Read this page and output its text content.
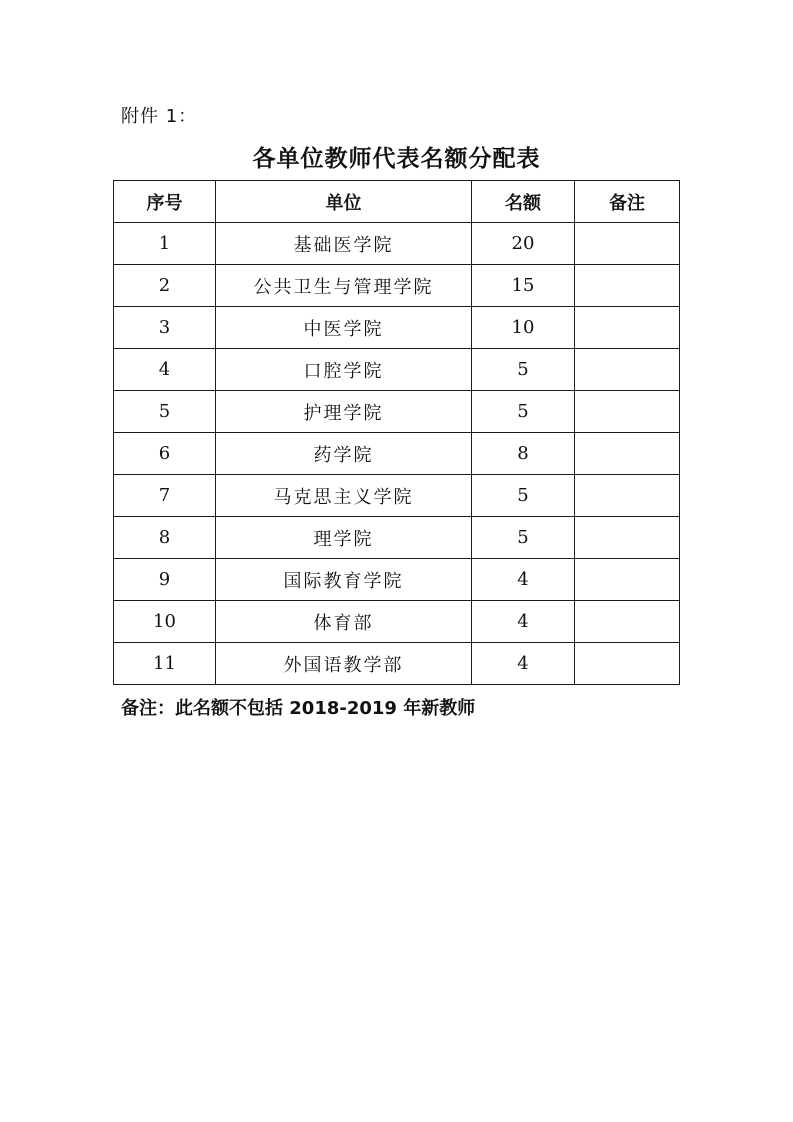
附件 1：
各单位教师代表名额分配表
序号	单位	名额	备注
1	基础医学院	20	
2	公共卫生与管理学院	15	
3	中医学院	10	
4	口腔学院	5	
5	护理学院	5	
6	药学院	8	
7	马克思主义学院	5	
8	理学院	5	
9	国际教育学院	4	
10	体育部	4	
11	外国语教学部	4	
备注：此名额不包括 2018-2019 年新教师
